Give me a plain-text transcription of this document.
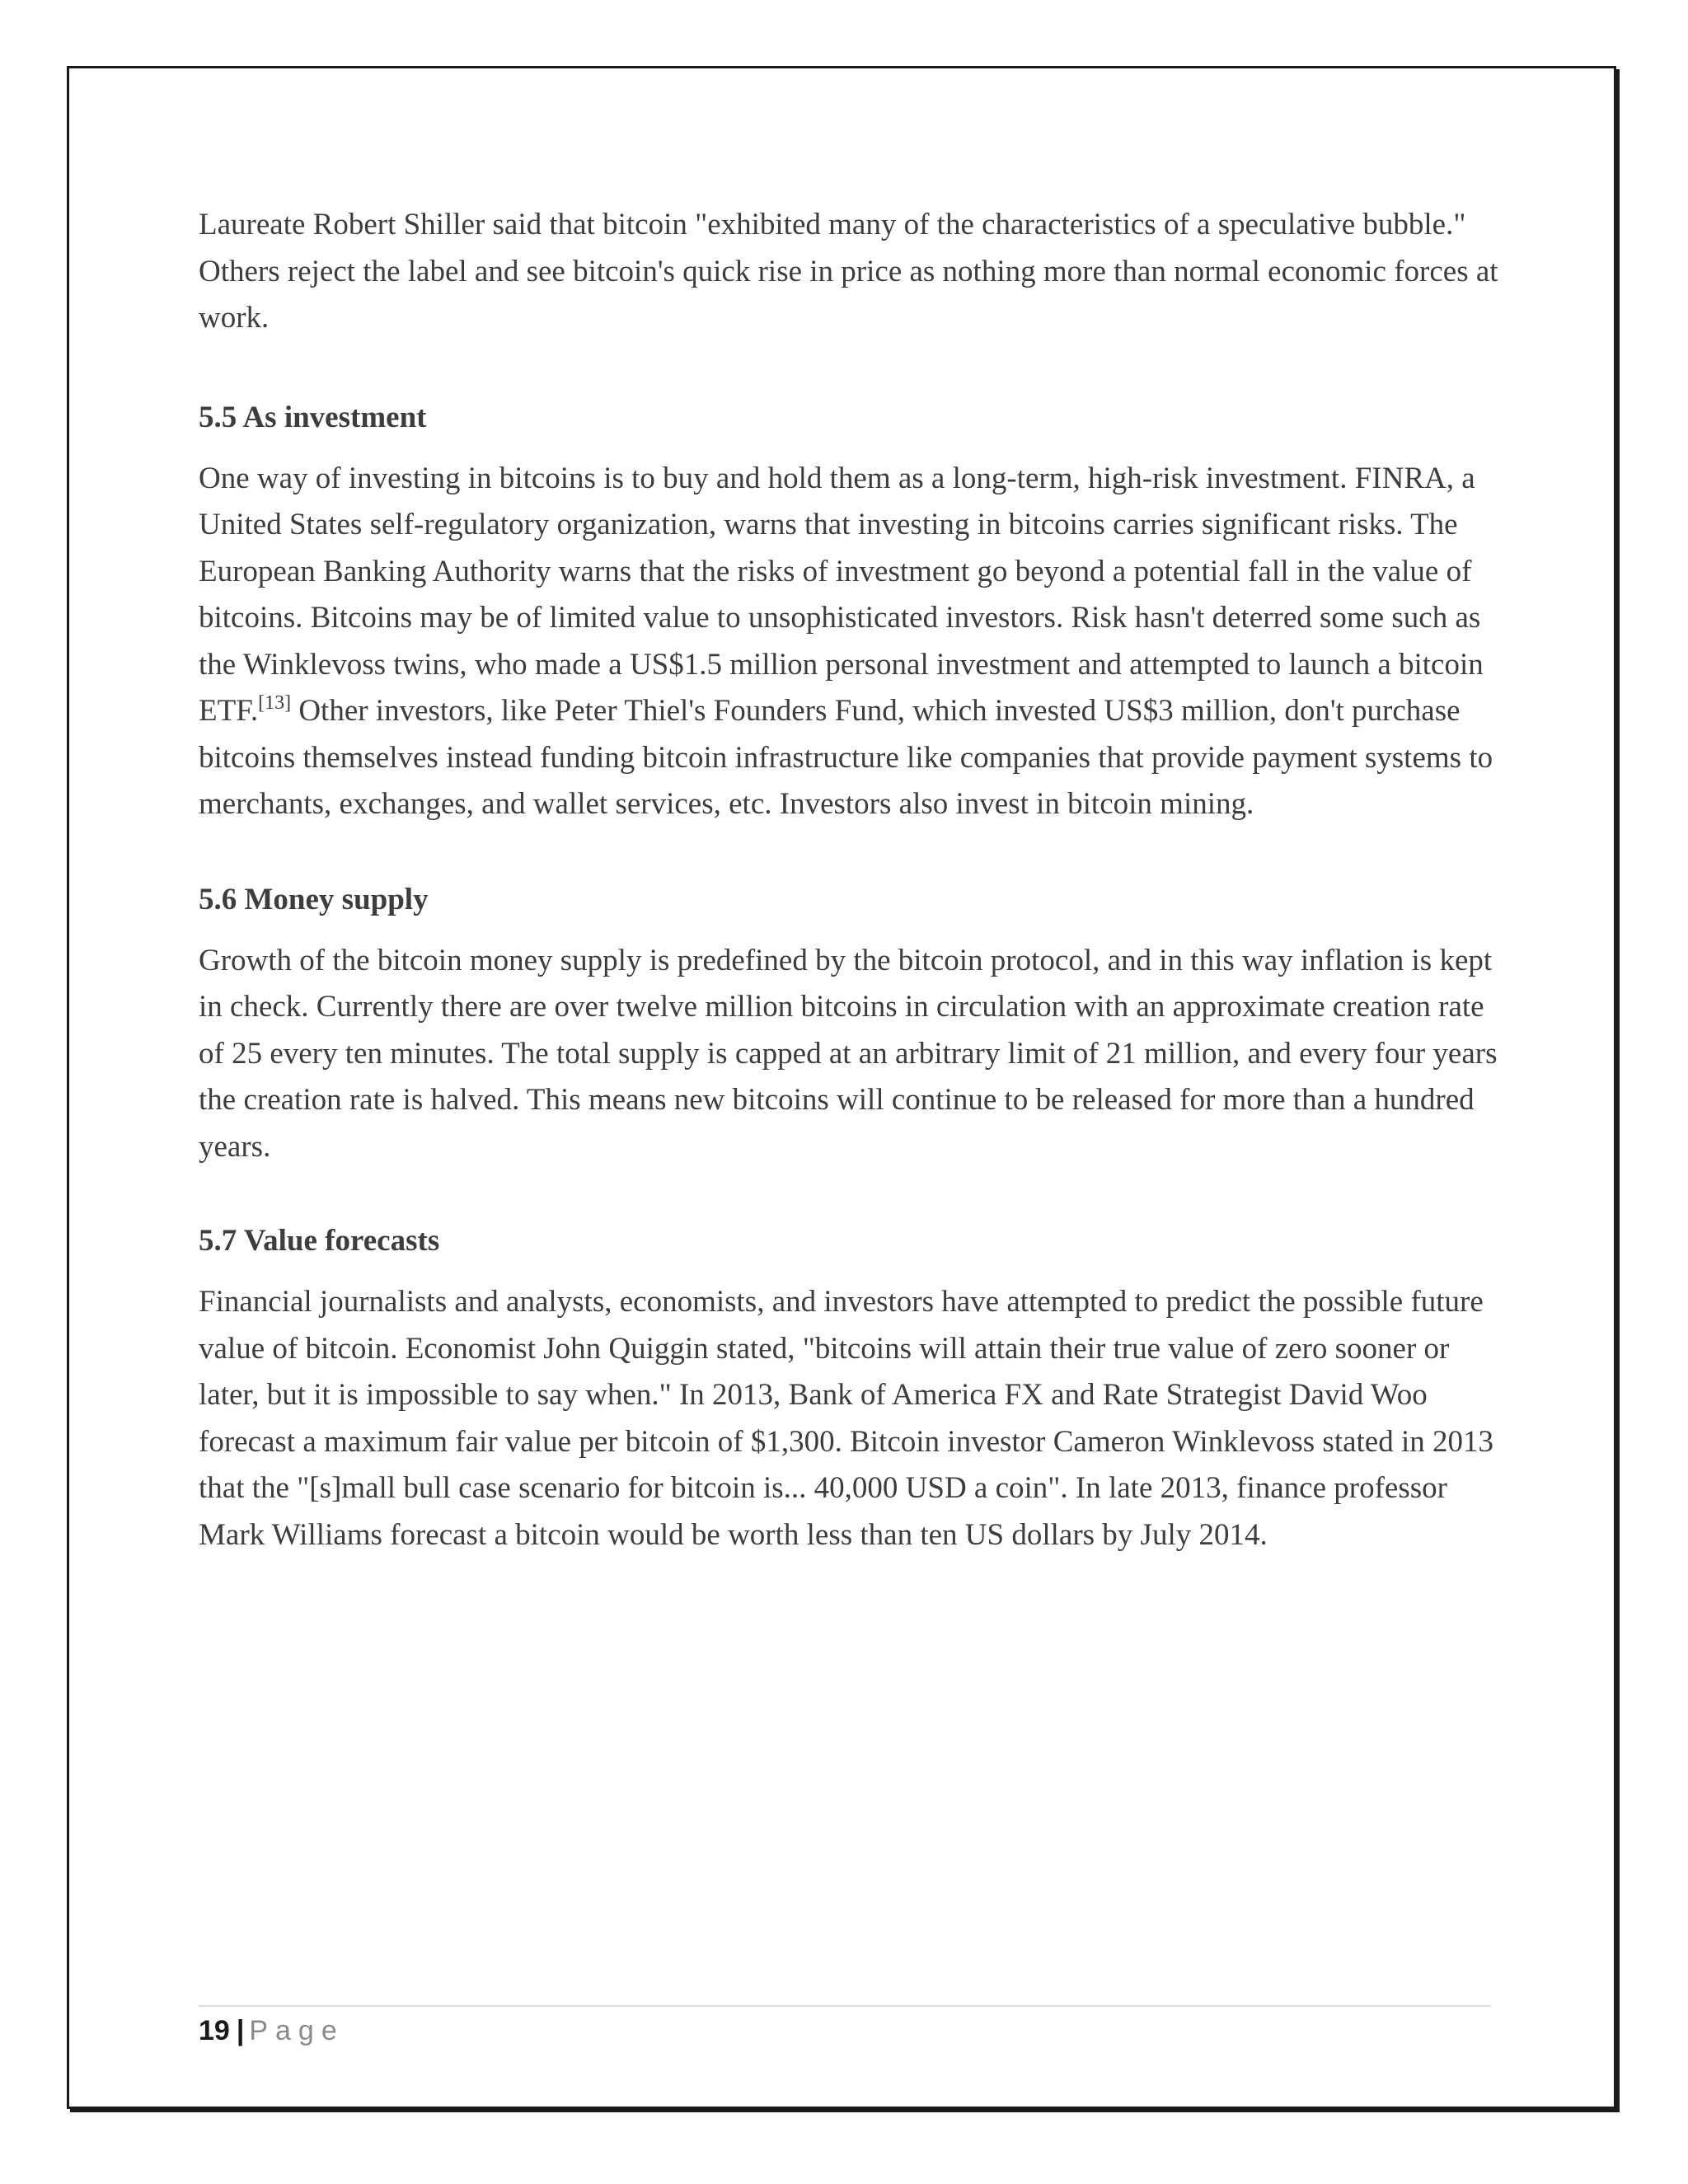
Laureate Robert Shiller said that bitcoin "exhibited many of the characteristics of a speculative bubble." Others reject the label and see bitcoin's quick rise in price as nothing more than normal economic forces at work.

5.5 As investment

One way of investing in bitcoins is to buy and hold them as a long-term, high-risk investment. FINRA, a United States self-regulatory organization, warns that investing in bitcoins carries significant risks. The European Banking Authority warns that the risks of investment go beyond a potential fall in the value of bitcoins. Bitcoins may be of limited value to unsophisticated investors. Risk hasn't deterred some such as the Winklevoss twins, who made a US$1.5 million personal investment and attempted to launch a bitcoin ETF.[13] Other investors, like Peter Thiel's Founders Fund, which invested US$3 million, don't purchase bitcoins themselves instead funding bitcoin infrastructure like companies that provide payment systems to merchants, exchanges, and wallet services, etc. Investors also invest in bitcoin mining.

5.6 Money supply

Growth of the bitcoin money supply is predefined by the bitcoin protocol, and in this way inflation is kept in check. Currently there are over twelve million bitcoins in circulation with an approximate creation rate of 25 every ten minutes. The total supply is capped at an arbitrary limit of 21 million, and every four years the creation rate is halved. This means new bitcoins will continue to be released for more than a hundred years.

5.7 Value forecasts

Financial journalists and analysts, economists, and investors have attempted to predict the possible future value of bitcoin. Economist John Quiggin stated, "bitcoins will attain their true value of zero sooner or later, but it is impossible to say when." In 2013, Bank of America FX and Rate Strategist David Woo forecast a maximum fair value per bitcoin of $1,300. Bitcoin investor Cameron Winklevoss stated in 2013 that the "[s]mall bull case scenario for bitcoin is... 40,000 USD a coin". In late 2013, finance professor Mark Williams forecast a bitcoin would be worth less than ten US dollars by July 2014.

19 | Page
